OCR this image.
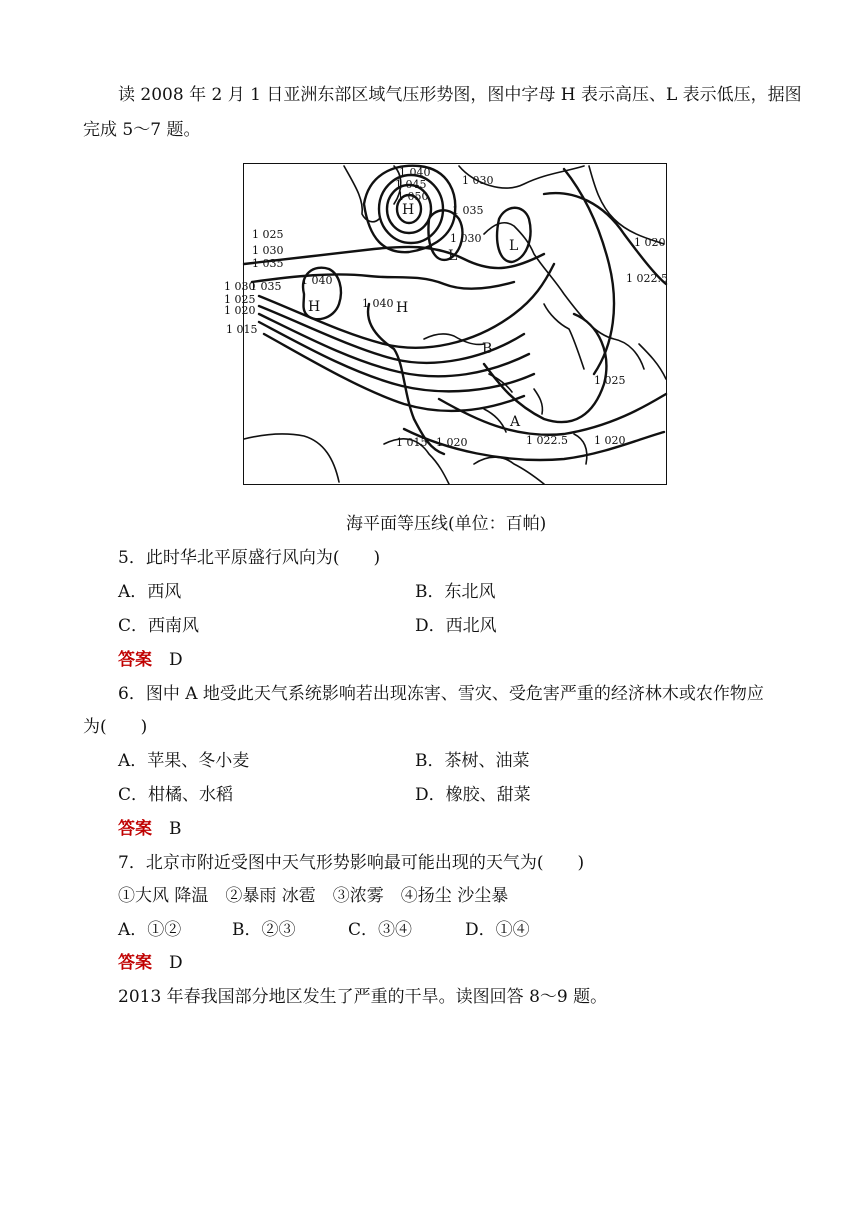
读 2008 年 2 月 1 日亚洲东部区域气压形势图，图中字母 H 表示高压、L 表示低压，据图
完成 5～7 题。
1 040
1 045
1 050
1 030
1 035
1 030
1 025
1 030
1 035
1 040
1 030
1 035
1 025
1 020
1 015
1 040
1 020
1 022.5
1 025
1 015 1 020	1 022.5 1 020
H
H	H
L
L
A
B
海平面等压线(单位：百帕)
5．此时华北平原盛行风向为(　　)
A．西风	B．东北风
C．西南风	D．西北风
答案　 D
6．图中 A 地受此天气系统影响若出现冻害、雪灾、受危害严重的经济林木或农作物应
为(　　)
A．苹果、冬小麦	B．茶树、油菜
C．柑橘、水稻	D．橡胶、甜菜
答案　 B
7．北京市附近受图中天气形势影响最可能出现的天气为(　　)
①大风 降温　②暴雨 冰雹　③浓雾　④扬尘 沙尘暴
A．①②	B．②③	C．③④	D．①④
答案　 D
2013 年春我国部分地区发生了严重的干旱。读图回答 8～9 题。
